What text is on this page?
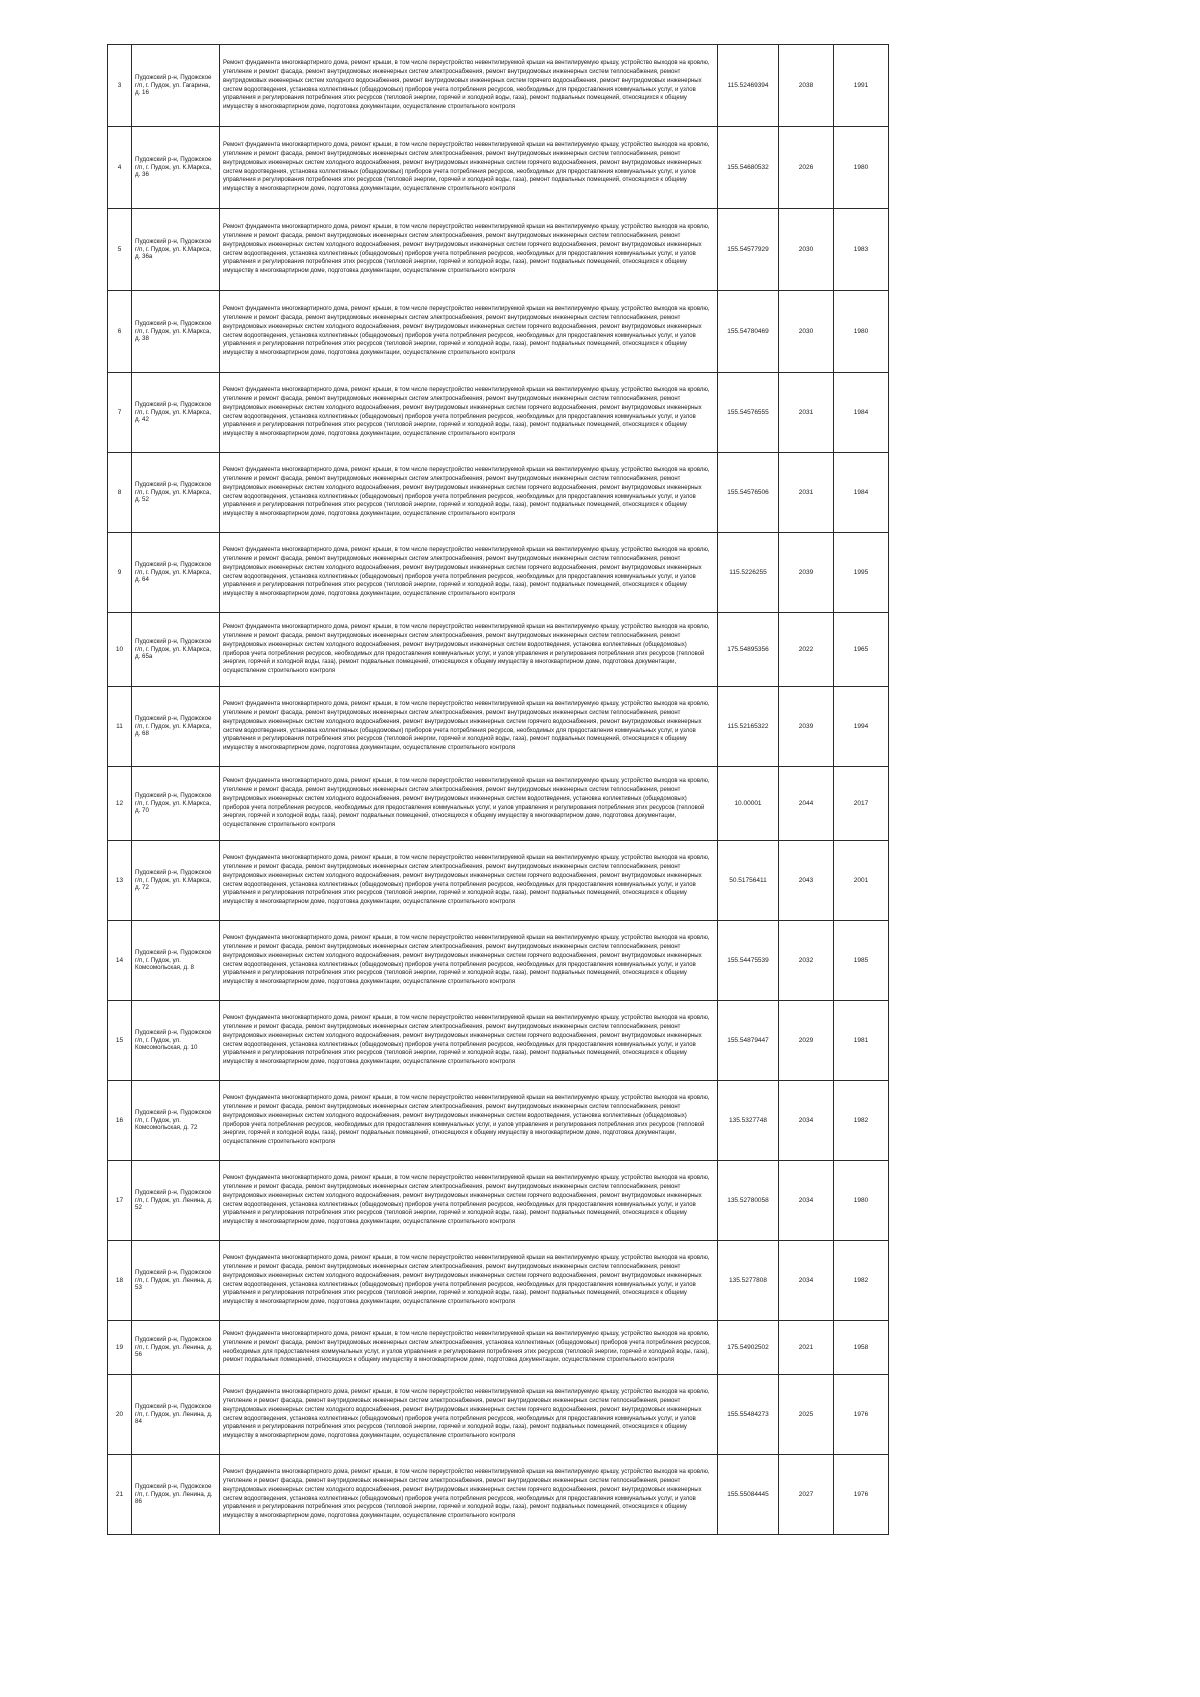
3	Пудожский р-н, Пудожское г/п, г. Пудож, ул. Гагарина, д. 16	Ремонт фундамента многоквартирного дома, ремонт крыши, в том числе переустройство невентилируемой крыши на вентилируемую крышу, устройство выходов на кровлю, утепление и ремонт фасада, ремонт внутридомовых инженерных систем электроснабжения, ремонт внутридомовых инженерных систем теплоснабжения, ремонт внутридомовых инженерных систем холодного водоснабжения, ремонт внутридомовых инженерных систем горячего водоснабжения, ремонт внутридомовых инженерных систем водоотведения, установка коллективных (общедомовых) приборов учета потребления ресурсов, необходимых для предоставления коммунальных услуг, и узлов управления и регулирования потребления этих ресурсов (тепловой энергии, горячей и холодной воды, газа), ремонт подвальных помещений, относящихся к общему имуществу в многоквартирном доме, подготовка документации, осуществление строительного контроля	115.52469394	2038	1991
4	Пудожский р-н, Пудожское г/п, г. Пудож, ул. К.Маркса, д. 36	Ремонт фундамента многоквартирного дома, ремонт крыши, в том числе переустройство невентилируемой крыши на вентилируемую крышу, устройство выходов на кровлю, утепление и ремонт фасада, ремонт внутридомовых инженерных систем электроснабжения, ремонт внутридомовых инженерных систем теплоснабжения, ремонт внутридомовых инженерных систем холодного водоснабжения, ремонт внутридомовых инженерных систем горячего водоснабжения, ремонт внутридомовых инженерных систем водоотведения, установка коллективных (общедомовых) приборов учета потребления ресурсов, необходимых для предоставления коммунальных услуг, и узлов управления и регулирования потребления этих ресурсов (тепловой энергии, горячей и холодной воды, газа), ремонт подвальных помещений, относящихся к общему имуществу в многоквартирном доме, подготовка документации, осуществление строительного контроля	155.54680532	2026	1980
5	Пудожский р-н, Пудожское г/п, г. Пудож, ул. К.Маркса, д. 36а	Ремонт фундамента многоквартирного дома, ремонт крыши, в том числе переустройство невентилируемой крыши на вентилируемую крышу, устройство выходов на кровлю, утепление и ремонт фасада, ремонт внутридомовых инженерных систем электроснабжения, ремонт внутридомовых инженерных систем теплоснабжения, ремонт внутридомовых инженерных систем холодного водоснабжения, ремонт внутридомовых инженерных систем горячего водоснабжения, ремонт внутридомовых инженерных систем водоотведения, установка коллективных (общедомовых) приборов учета потребления ресурсов, необходимых для предоставления коммунальных услуг, и узлов управления и регулирования потребления этих ресурсов (тепловой энергии, горячей и холодной воды, газа), ремонт подвальных помещений, относящихся к общему имуществу в многоквартирном доме, подготовка документации, осуществление строительного контроля	155.54577929	2030	1983
6	Пудожский р-н, Пудожское г/п, г. Пудож, ул. К.Маркса, д. 38	Ремонт фундамента многоквартирного дома, ремонт крыши, в том числе переустройство невентилируемой крыши на вентилируемую крышу, устройство выходов на кровлю, утепление и ремонт фасада, ремонт внутридомовых инженерных систем электроснабжения, ремонт внутридомовых инженерных систем теплоснабжения, ремонт внутридомовых инженерных систем холодного водоснабжения, ремонт внутридомовых инженерных систем горячего водоснабжения, ремонт внутридомовых инженерных систем водоотведения, установка коллективных (общедомовых) приборов учета потребления ресурсов, необходимых для предоставления коммунальных услуг, и узлов управления и регулирования потребления этих ресурсов (тепловой энергии, горячей и холодной воды, газа), ремонт подвальных помещений, относящихся к общему имуществу в многоквартирном доме, подготовка документации, осуществление строительного контроля	155.54780469	2030	1980
7	Пудожский р-н, Пудожское г/п, г. Пудож, ул. К.Маркса, д. 42	Ремонт фундамента многоквартирного дома, ремонт крыши, в том числе переустройство невентилируемой крыши на вентилируемую крышу, устройство выходов на кровлю, утепление и ремонт фасада, ремонт внутридомовых инженерных систем электроснабжения, ремонт внутридомовых инженерных систем теплоснабжения, ремонт внутридомовых инженерных систем холодного водоснабжения, ремонт внутридомовых инженерных систем горячего водоснабжения, ремонт внутридомовых инженерных систем водоотведения, установка коллективных (общедомовых) приборов учета потребления ресурсов, необходимых для предоставления коммунальных услуг, и узлов управления и регулирования потребления этих ресурсов (тепловой энергии, горячей и холодной воды, газа), ремонт подвальных помещений, относящихся к общему имуществу в многоквартирном доме, подготовка документации, осуществление строительного контроля	155.54576555	2031	1984
8	Пудожский р-н, Пудожское г/п, г. Пудож, ул. К.Маркса, д. 52	Ремонт фундамента многоквартирного дома, ремонт крыши, в том числе переустройство невентилируемой крыши на вентилируемую крышу, устройство выходов на кровлю, утепление и ремонт фасада, ремонт внутридомовых инженерных систем электроснабжения, ремонт внутридомовых инженерных систем теплоснабжения, ремонт внутридомовых инженерных систем холодного водоснабжения, ремонт внутридомовых инженерных систем горячего водоснабжения, ремонт внутридомовых инженерных систем водоотведения, установка коллективных (общедомовых) приборов учета потребления ресурсов, необходимых для предоставления коммунальных услуг, и узлов управления и регулирования потребления этих ресурсов (тепловой энергии, горячей и холодной воды, газа), ремонт подвальных помещений, относящихся к общему имуществу в многоквартирном доме, подготовка документации, осуществление строительного контроля	155.54576506	2031	1984
9	Пудожский р-н, Пудожское г/п, г. Пудож, ул. К.Маркса, д. 64	Ремонт фундамента многоквартирного дома, ремонт крыши, в том числе переустройство невентилируемой крыши на вентилируемую крышу, устройство выходов на кровлю, утепление и ремонт фасада, ремонт внутридомовых инженерных систем электроснабжения, ремонт внутридомовых инженерных систем теплоснабжения, ремонт внутридомовых инженерных систем холодного водоснабжения, ремонт внутридомовых инженерных систем горячего водоснабжения, ремонт внутридомовых инженерных систем водоотведения, установка коллективных (общедомовых) приборов учета потребления ресурсов, необходимых для предоставления коммунальных услуг, и узлов управления и регулирования потребления этих ресурсов (тепловой энергии, горячей и холодной воды, газа), ремонт подвальных помещений, относящихся к общему имуществу в многоквартирном доме, подготовка документации, осуществление строительного контроля	115.5226255	2039	1995
10	Пудожский р-н, Пудожское г/п, г. Пудож, ул. К.Маркса, д. 65а	Ремонт фундамента многоквартирного дома, ремонт крыши, в том числе переустройство невентилируемой крыши на вентилируемую крышу, устройство выходов на кровлю, утепление и ремонт фасада, ремонт внутридомовых инженерных систем электроснабжения, ремонт внутридомовых инженерных систем теплоснабжения, ремонт внутридомовых инженерных систем холодного водоснабжения, ремонт внутридомовых инженерных систем водоотведения, установка коллективных (общедомовых) приборов учета потребления ресурсов, необходимых для предоставления коммунальных услуг, и узлов управления и регулирования потребления этих ресурсов (тепловой энергии, горячей и холодной воды, газа), ремонт подвальных помещений, относящихся к общему имуществу в многоквартирном доме, подготовка документации, осуществление строительного контроля	175.54895356	2022	1965
11	Пудожский р-н, Пудожское г/п, г. Пудож, ул. К.Маркса, д. 68	Ремонт фундамента многоквартирного дома, ремонт крыши, в том числе переустройство невентилируемой крыши на вентилируемую крышу, устройство выходов на кровлю, утепление и ремонт фасада, ремонт внутридомовых инженерных систем электроснабжения, ремонт внутридомовых инженерных систем теплоснабжения, ремонт внутридомовых инженерных систем холодного водоснабжения, ремонт внутридомовых инженерных систем горячего водоснабжения, ремонт внутридомовых инженерных систем водоотведения, установка коллективных (общедомовых) приборов учета потребления ресурсов, необходимых для предоставления коммунальных услуг, и узлов управления и регулирования потребления этих ресурсов (тепловой энергии, горячей и холодной воды, газа), ремонт подвальных помещений, относящихся к общему имуществу в многоквартирном доме, подготовка документации, осуществление строительного контроля	115.52165322	2039	1994
12	Пудожский р-н, Пудожское г/п, г. Пудож, ул. К.Маркса, д. 70	Ремонт фундамента многоквартирного дома, ремонт крыши, в том числе переустройство невентилируемой крыши на вентилируемую крышу, устройство выходов на кровлю, утепление и ремонт фасада, ремонт внутридомовых инженерных систем электроснабжения, ремонт внутридомовых инженерных систем теплоснабжения, ремонт внутридомовых инженерных систем холодного водоснабжения, ремонт внутридомовых инженерных систем водоотведения, установка коллективных (общедомовых) приборов учета потребления ресурсов, необходимых для предоставления коммунальных услуг, и узлов управления и регулирования потребления этих ресурсов (тепловой энергии, горячей и холодной воды, газа), ремонт подвальных помещений, относящихся к общему имуществу в многоквартирном доме, подготовка документации, осуществление строительного контроля	10.00001	2044	2017
13	Пудожский р-н, Пудожское г/п, г. Пудож, ул. К.Маркса, д. 72	Ремонт фундамента многоквартирного дома, ремонт крыши, в том числе переустройство невентилируемой крыши на вентилируемую крышу, устройство выходов на кровлю, утепление и ремонт фасада, ремонт внутридомовых инженерных систем электроснабжения, ремонт внутридомовых инженерных систем теплоснабжения, ремонт внутридомовых инженерных систем холодного водоснабжения, ремонт внутридомовых инженерных систем горячего водоснабжения, ремонт внутридомовых инженерных систем водоотведения, установка коллективных (общедомовых) приборов учета потребления ресурсов, необходимых для предоставления коммунальных услуг, и узлов управления и регулирования потребления этих ресурсов (тепловой энергии, горячей и холодной воды, газа), ремонт подвальных помещений, относящихся к общему имуществу в многоквартирном доме, подготовка документации, осуществление строительного контроля	50.51756411	2043	2001
14	Пудожский р-н, Пудожское г/п, г. Пудож, ул. Комсомольская, д. 8	Ремонт фундамента многоквартирного дома, ремонт крыши, в том числе переустройство невентилируемой крыши на вентилируемую крышу, устройство выходов на кровлю, утепление и ремонт фасада, ремонт внутридомовых инженерных систем электроснабжения, ремонт внутридомовых инженерных систем теплоснабжения, ремонт внутридомовых инженерных систем холодного водоснабжения, ремонт внутридомовых инженерных систем горячего водоснабжения, ремонт внутридомовых инженерных систем водоотведения, установка коллективных (общедомовых) приборов учета потребления ресурсов, необходимых для предоставления коммунальных услуг, и узлов управления и регулирования потребления этих ресурсов (тепловой энергии, горячей и холодной воды, газа), ремонт подвальных помещений, относящихся к общему имуществу в многоквартирном доме, подготовка документации, осуществление строительного контроля	155.54475539	2032	1985
15	Пудожский р-н, Пудожское г/п, г. Пудож, ул. Комсомольская, д. 10	Ремонт фундамента многоквартирного дома, ремонт крыши, в том числе переустройство невентилируемой крыши на вентилируемую крышу, устройство выходов на кровлю, утепление и ремонт фасада, ремонт внутридомовых инженерных систем электроснабжения, ремонт внутридомовых инженерных систем теплоснабжения, ремонт внутридомовых инженерных систем холодного водоснабжения, ремонт внутридомовых инженерных систем горячего водоснабжения, ремонт внутридомовых инженерных систем водоотведения, установка коллективных (общедомовых) приборов учета потребления ресурсов, необходимых для предоставления коммунальных услуг, и узлов управления и регулирования потребления этих ресурсов (тепловой энергии, горячей и холодной воды, газа), ремонт подвальных помещений, относящихся к общему имуществу в многоквартирном доме, подготовка документации, осуществление строительного контроля	155.54879447	2029	1981
16	Пудожский р-н, Пудожское г/п, г. Пудож, ул. Комсомольская, д. 72	Ремонт фундамента многоквартирного дома, ремонт крыши, в том числе переустройство невентилируемой крыши на вентилируемую крышу, устройство выходов на кровлю, утепление и ремонт фасада, ремонт внутридомовых инженерных систем электроснабжения, ремонт внутридомовых инженерных систем теплоснабжения, ремонт внутридомовых инженерных систем холодного водоснабжения, ремонт внутридомовых инженерных систем водоотведения, установка коллективных (общедомовых) приборов учета потребления ресурсов, необходимых для предоставления коммунальных услуг, и узлов управления и регулирования потребления этих ресурсов (тепловой энергии, горячей и холодной воды, газа), ремонт подвальных помещений, относящихся к общему имуществу в многоквартирном доме, подготовка документации, осуществление строительного контроля	135.5327748	2034	1982
17	Пудожский р-н, Пудожское г/п, г. Пудож, ул. Ленина, д. 52	Ремонт фундамента многоквартирного дома, ремонт крыши, в том числе переустройство невентилируемой крыши на вентилируемую крышу, устройство выходов на кровлю, утепление и ремонт фасада, ремонт внутридомовых инженерных систем электроснабжения, ремонт внутридомовых инженерных систем теплоснабжения, ремонт внутридомовых инженерных систем холодного водоснабжения, ремонт внутридомовых инженерных систем горячего водоснабжения, ремонт внутридомовых инженерных систем водоотведения, установка коллективных (общедомовых) приборов учета потребления ресурсов, необходимых для предоставления коммунальных услуг, и узлов управления и регулирования потребления этих ресурсов (тепловой энергии, горячей и холодной воды, газа), ремонт подвальных помещений, относящихся к общему имуществу в многоквартирном доме, подготовка документации, осуществление строительного контроля	135.52780058	2034	1980
18	Пудожский р-н, Пудожское г/п, г. Пудож, ул. Ленина, д. 53	Ремонт фундамента многоквартирного дома, ремонт крыши, в том числе переустройство невентилируемой крыши на вентилируемую крышу, устройство выходов на кровлю, утепление и ремонт фасада, ремонт внутридомовых инженерных систем электроснабжения, ремонт внутридомовых инженерных систем теплоснабжения, ремонт внутридомовых инженерных систем холодного водоснабжения, ремонт внутридомовых инженерных систем горячего водоснабжения, ремонт внутридомовых инженерных систем водоотведения, установка коллективных (общедомовых) приборов учета потребления ресурсов, необходимых для предоставления коммунальных услуг, и узлов управления и регулирования потребления этих ресурсов (тепловой энергии, горячей и холодной воды, газа), ремонт подвальных помещений, относящихся к общему имуществу в многоквартирном доме, подготовка документации, осуществление строительного контроля	135.5277808	2034	1982
19	Пудожский р-н, Пудожское г/п, г. Пудож, ул. Ленина, д. 56	Ремонт фундамента многоквартирного дома, ремонт крыши, в том числе переустройство невентилируемой крыши на вентилируемую крышу, устройство выходов на кровлю, утепление и ремонт фасада, ремонт внутридомовых инженерных систем электроснабжения, установка коллективных (общедомовых) приборов учета потребления ресурсов, необходимых для предоставления коммунальных услуг, и узлов управления и регулирования потребления этих ресурсов (тепловой энергии, горячей и холодной воды, газа), ремонт подвальных помещений, относящихся к общему имуществу в многоквартирном доме, подготовка документации, осуществление строительного контроля	175.54902502	2021	1958
20	Пудожский р-н, Пудожское г/п, г. Пудож, ул. Ленина, д. 84	Ремонт фундамента многоквартирного дома, ремонт крыши, в том числе переустройство невентилируемой крыши на вентилируемую крышу, устройство выходов на кровлю, утепление и ремонт фасада, ремонт внутридомовых инженерных систем электроснабжения, ремонт внутридомовых инженерных систем теплоснабжения, ремонт внутридомовых инженерных систем холодного водоснабжения, ремонт внутридомовых инженерных систем горячего водоснабжения, ремонт внутридомовых инженерных систем водоотведения, установка коллективных (общедомовых) приборов учета потребления ресурсов, необходимых для предоставления коммунальных услуг, и узлов управления и регулирования потребления этих ресурсов (тепловой энергии, горячей и холодной воды, газа), ремонт подвальных помещений, относящихся к общему имуществу в многоквартирном доме, подготовка документации, осуществление строительного контроля	155.55484273	2025	1976
21	Пудожский р-н, Пудожское г/п, г. Пудож, ул. Ленина, д. 86	Ремонт фундамента многоквартирного дома, ремонт крыши, в том числе переустройство невентилируемой крыши на вентилируемую крышу, устройство выходов на кровлю, утепление и ремонт фасада, ремонт внутридомовых инженерных систем электроснабжения, ремонт внутридомовых инженерных систем теплоснабжения, ремонт внутридомовых инженерных систем холодного водоснабжения, ремонт внутридомовых инженерных систем горячего водоснабжения, ремонт внутридомовых инженерных систем водоотведения, установка коллективных (общедомовых) приборов учета потребления ресурсов, необходимых для предоставления коммунальных услуг, и узлов управления и регулирования потребления этих ресурсов (тепловой энергии, горячей и холодной воды, газа), ремонт подвальных помещений, относящихся к общему имуществу в многоквартирном доме, подготовка документации, осуществление строительного контроля	155.55084445	2027	1976
